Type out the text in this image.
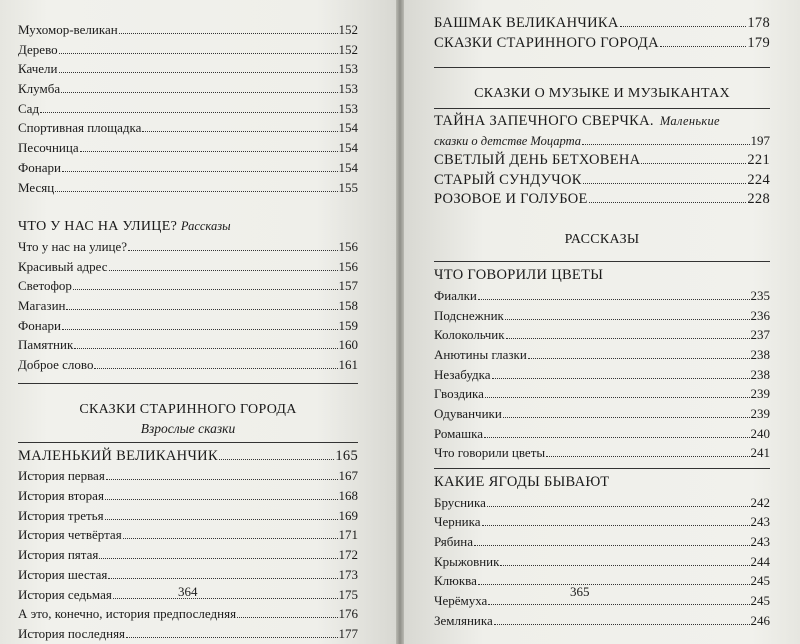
Мухомор-великан	152
Дерево	152
Качели	153
Клумба	153
Сад	153
Спортивная площадка	154
Песочница	154
Фонари	154
Месяц	155
ЧТО У НАС НА УЛИЦЕ? Рассказы
Что у нас на улице?	156
Красивый адрес	156
Светофор	157
Магазин	158
Фонари	159
Памятник	160
Доброе слово	161
СКАЗКИ СТАРИННОГО ГОРОДА
Взрослые сказки
МАЛЕНЬКИЙ ВЕЛИКАНЧИК	165
История первая	167
История вторая	168
История третья	169
История четвёртая	171
История пятая	172
История шестая	173
История седьмая	175
А это, конечно, история предпоследняя	176
История последняя	177
364
БАШМАК ВЕЛИКАНЧИКА	178
СКАЗКИ СТАРИННОГО ГОРОДА	179
СКАЗКИ О МУЗЫКЕ И МУЗЫКАНТАХ
ТАЙНА ЗАПЕЧНОГО СВЕРЧКА. Маленькие
сказки о детстве Моцарта	197
СВЕТЛЫЙ ДЕНЬ БЕТХОВЕНА	221
СТАРЫЙ СУНДУЧОК	224
РОЗОВОЕ И ГОЛУБОЕ	228
РАССКАЗЫ
ЧТО ГОВОРИЛИ ЦВЕТЫ
Фиалки	235
Подснежник	236
Колокольчик	237
Анютины глазки	238
Незабудка	238
Гвоздика	239
Одуванчики	239
Ромашка	240
Что говорили цветы	241
КАКИЕ ЯГОДЫ БЫВАЮТ
Брусника	242
Черника	243
Рябина	243
Крыжовник	244
Клюква	245
Черёмуха	245
Земляника	246
365
